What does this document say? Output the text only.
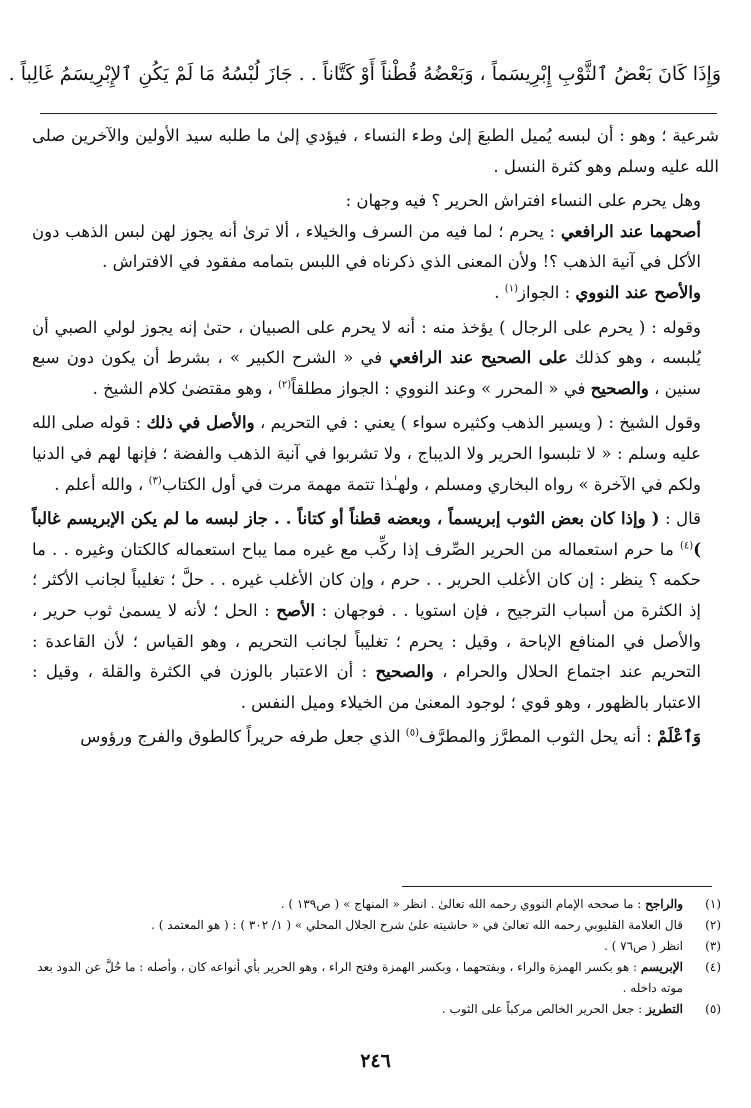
وَإِذَا كَانَ بَعْضُ ٱلثَّوْبِ إِبْرِيسَماً ، وَبَعْضُهُ قُطْناً أَوْ كَتَّاناً . . جَازَ لُبْسُهُ مَا لَمْ يَكُنِ ٱلإِبْرِيسَمُ غَالِباً .

شرعية ؛ وهو : أن لبسه يُميل الطبعَ إلىٰ وطء النساء ، فيؤدي إلىٰ ما طلبه سيد الأولين والآخرين صلى الله عليه وسلم وهو كثرة النسل .

وهل يحرم على النساء افتراش الحرير ؟ فيه وجهان :

أصحهما عند الرافعي : يحرم ؛ لما فيه من السرف والخيلاء ، ألا ترىٰ أنه يجوز لهن لبس الذهب دون الأكل في آنية الذهب ؟! ولأن المعنى الذي ذكرناه في اللبس بتمامه مفقود في الافتراش .

والأصح عند النووي : الجواز$^{(١)}$ .

وقوله : ( يحرم على الرجال ) يؤخذ منه : أنه لا يحرم على الصبيان ، حتىٰ إنه يجوز لولي الصبي أن يُلبسه ، وهو كذلك على الصحيح عند الرافعي في « الشرح الكبير » ، بشرط أن يكون دون سبع سنين ، والصحيح في « المحرر » وعند النووي : الجواز مطلقاً$^{(٢)}$ ، وهو مقتضىٰ كلام الشيخ .

وقول الشيخ : ( ويسير الذهب وكثيره سواء ) يعني : في التحريم ، والأصل في ذلك : قوله صلى الله عليه وسلم : « لا تلبسوا الحرير ولا الديباج ، ولا تشربوا في آنية الذهب والفضة ؛ فإنها لهم في الدنيا ولكم في الآخرة » رواه البخاري ومسلم ، ولهـٰذا تتمة مهمة مرت في أول الكتاب$^{(٣)}$ ، والله أعلم .

قال : ( وإذا كان بعض الثوب إبريسماً ، وبعضه قطناً أو كتاناً . . جاز لبسه ما لم يكن الإبريسم غالباً )$^{(٤)}$ ما حرم استعماله من الحرير الصِّرف إذا ركِّب مع غيره مما يباح استعماله كالكتان وغيره . . ما حكمه ؟ ينظر : إن كان الأغلب الحرير . . حرم ، وإن كان الأغلب غيره . . حلَّ ؛ تغليباً لجانب الأكثر ؛ إذ الكثرة من أسباب الترجيح ، فإن استويا . . فوجهان : الأصح : الحل ؛ لأنه لا يسمىٰ ثوب حرير ، والأصل في المنافع الإباحة ، وقيل : يحرم ؛ تغليباً لجانب التحريم ، وهو القياس ؛ لأن القاعدة : التحريم عند اجتماع الحلال والحرام ، والصحيح : أن الاعتبار بالوزن في الكثرة والقلة ، وقيل : الاعتبار بالظهور ، وهو قوي ؛ لوجود المعنىٰ من الخيلاء وميل النفس .

وَٱعْلَمْ : أنه يحل الثوب المطرَّز والمطرَّف$^{(٥)}$ الذي جعل طرفه حريراً كالطوق والفرج ورؤوس

(١)
والراجح : ما صححه الإمام النووي رحمه الله تعالىٰ . انظر « المنهاج » ( ص١٣٩ ) .
(٢)
قال العلامة القليوبي رحمه الله تعالىٰ في « حاشيته علىٰ شرح الجلال المحلي » ( ١/ ٣٠٢ ) : ( هو المعتمد ) .
(٣)
انظر ( ص٧٦ ) .
(٤)
الإبريسم : هو بكسر الهمزة والراء ، وبفتحهما ، وبكسر الهمزة وفتح الراء ، وهو الحرير بأي أنواعه كان ، وأصله : ما حُلَّ عن الدود بعد موته داخله .
(٥)
التطريز : جعل الحرير الخالص مركباً على الثوب .
٢٤٦
